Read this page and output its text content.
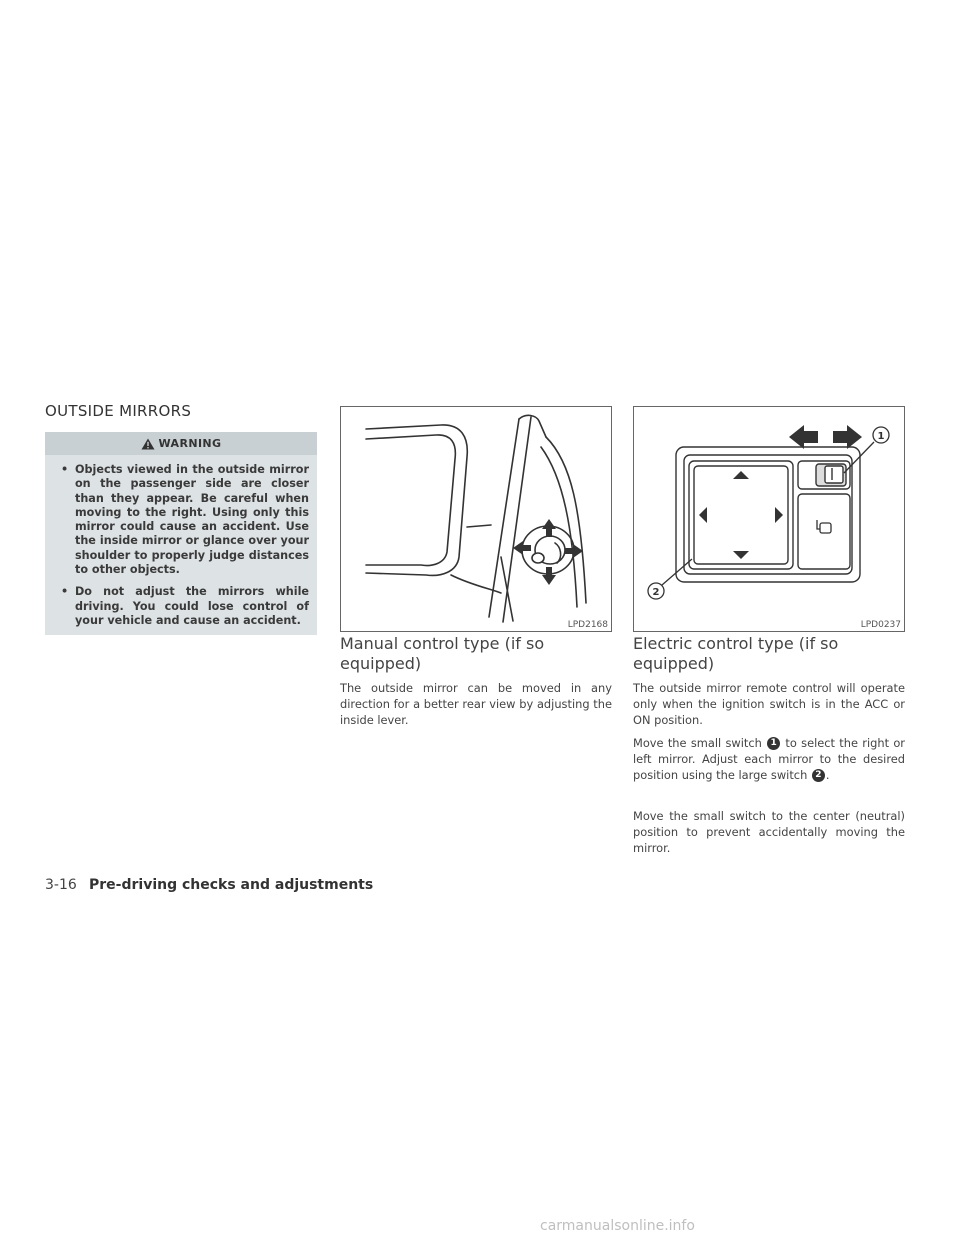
OUTSIDE MIRRORS
WARNING
• Objects viewed in the outside mirror on the passenger side are closer than they appear. Be careful when moving to the right. Using only this mirror could cause an accident. Use the inside mirror or glance over your shoulder to properly judge distances to other objects.
• Do not adjust the mirrors while driving. You could lose control of your vehicle and cause an accident.	LPD2168
Manual control type (if so equipped)

The outside mirror can be moved in any direction for a better rear view by adjusting the inside lever.

1
2
LPD0237
Electric control type (if so equipped)

The outside mirror remote control will operate only when the ignition switch is in the ACC or ON position.

Move the small switch 1 to select the right or left mirror. Adjust each mirror to the desired position using the large switch 2 .

Move the small switch to the center (neutral) position to prevent accidentally moving the mirror.

3-16 Pre-driving checks and adjustments
carmanualsonline.info
